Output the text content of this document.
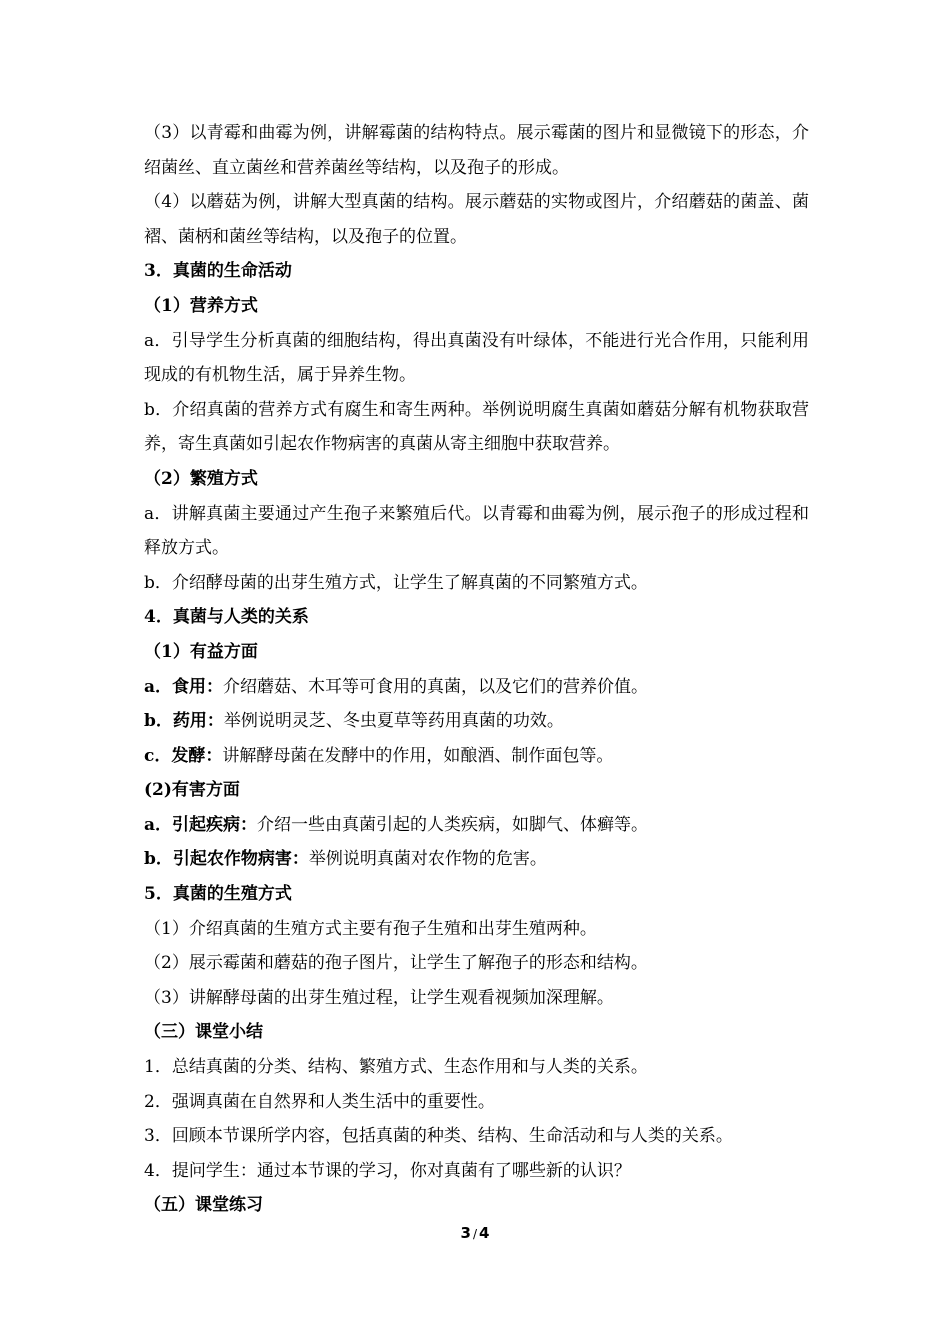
（3）以青霉和曲霉为例，讲解霉菌的结构特点。展示霉菌的图片和显微镜下的形态，介绍菌丝、直立菌丝和营养菌丝等结构，以及孢子的形成。

（4）以蘑菇为例，讲解大型真菌的结构。展示蘑菇的实物或图片，介绍蘑菇的菌盖、菌褶、菌柄和菌丝等结构，以及孢子的位置。

3．真菌的生命活动

（1）营养方式

a．引导学生分析真菌的细胞结构，得出真菌没有叶绿体，不能进行光合作用，只能利用现成的有机物生活，属于异养生物。

b．介绍真菌的营养方式有腐生和寄生两种。举例说明腐生真菌如蘑菇分解有机物获取营养，寄生真菌如引起农作物病害的真菌从寄主细胞中获取营养。

（2）繁殖方式

a．讲解真菌主要通过产生孢子来繁殖后代。以青霉和曲霉为例，展示孢子的形成过程和释放方式。

b．介绍酵母菌的出芽生殖方式，让学生了解真菌的不同繁殖方式。

4．真菌与人类的关系

（1）有益方面

a．食用：介绍蘑菇、木耳等可食用的真菌，以及它们的营养价值。

b．药用：举例说明灵芝、冬虫夏草等药用真菌的功效。

c．发酵：讲解酵母菌在发酵中的作用，如酿酒、制作面包等。

(2)有害方面

a．引起疾病：介绍一些由真菌引起的人类疾病，如脚气、体癣等。

b．引起农作物病害：举例说明真菌对农作物的危害。

5．真菌的生殖方式

（1）介绍真菌的生殖方式主要有孢子生殖和出芽生殖两种。

（2）展示霉菌和蘑菇的孢子图片，让学生了解孢子的形态和结构。

（3）讲解酵母菌的出芽生殖过程，让学生观看视频加深理解。

（三）课堂小结

1．总结真菌的分类、结构、繁殖方式、生态作用和与人类的关系。

2．强调真菌在自然界和人类生活中的重要性。

3．回顾本节课所学内容，包括真菌的种类、结构、生命活动和与人类的关系。

4．提问学生：通过本节课的学习，你对真菌有了哪些新的认识？

（五）课堂练习

3 / 4
